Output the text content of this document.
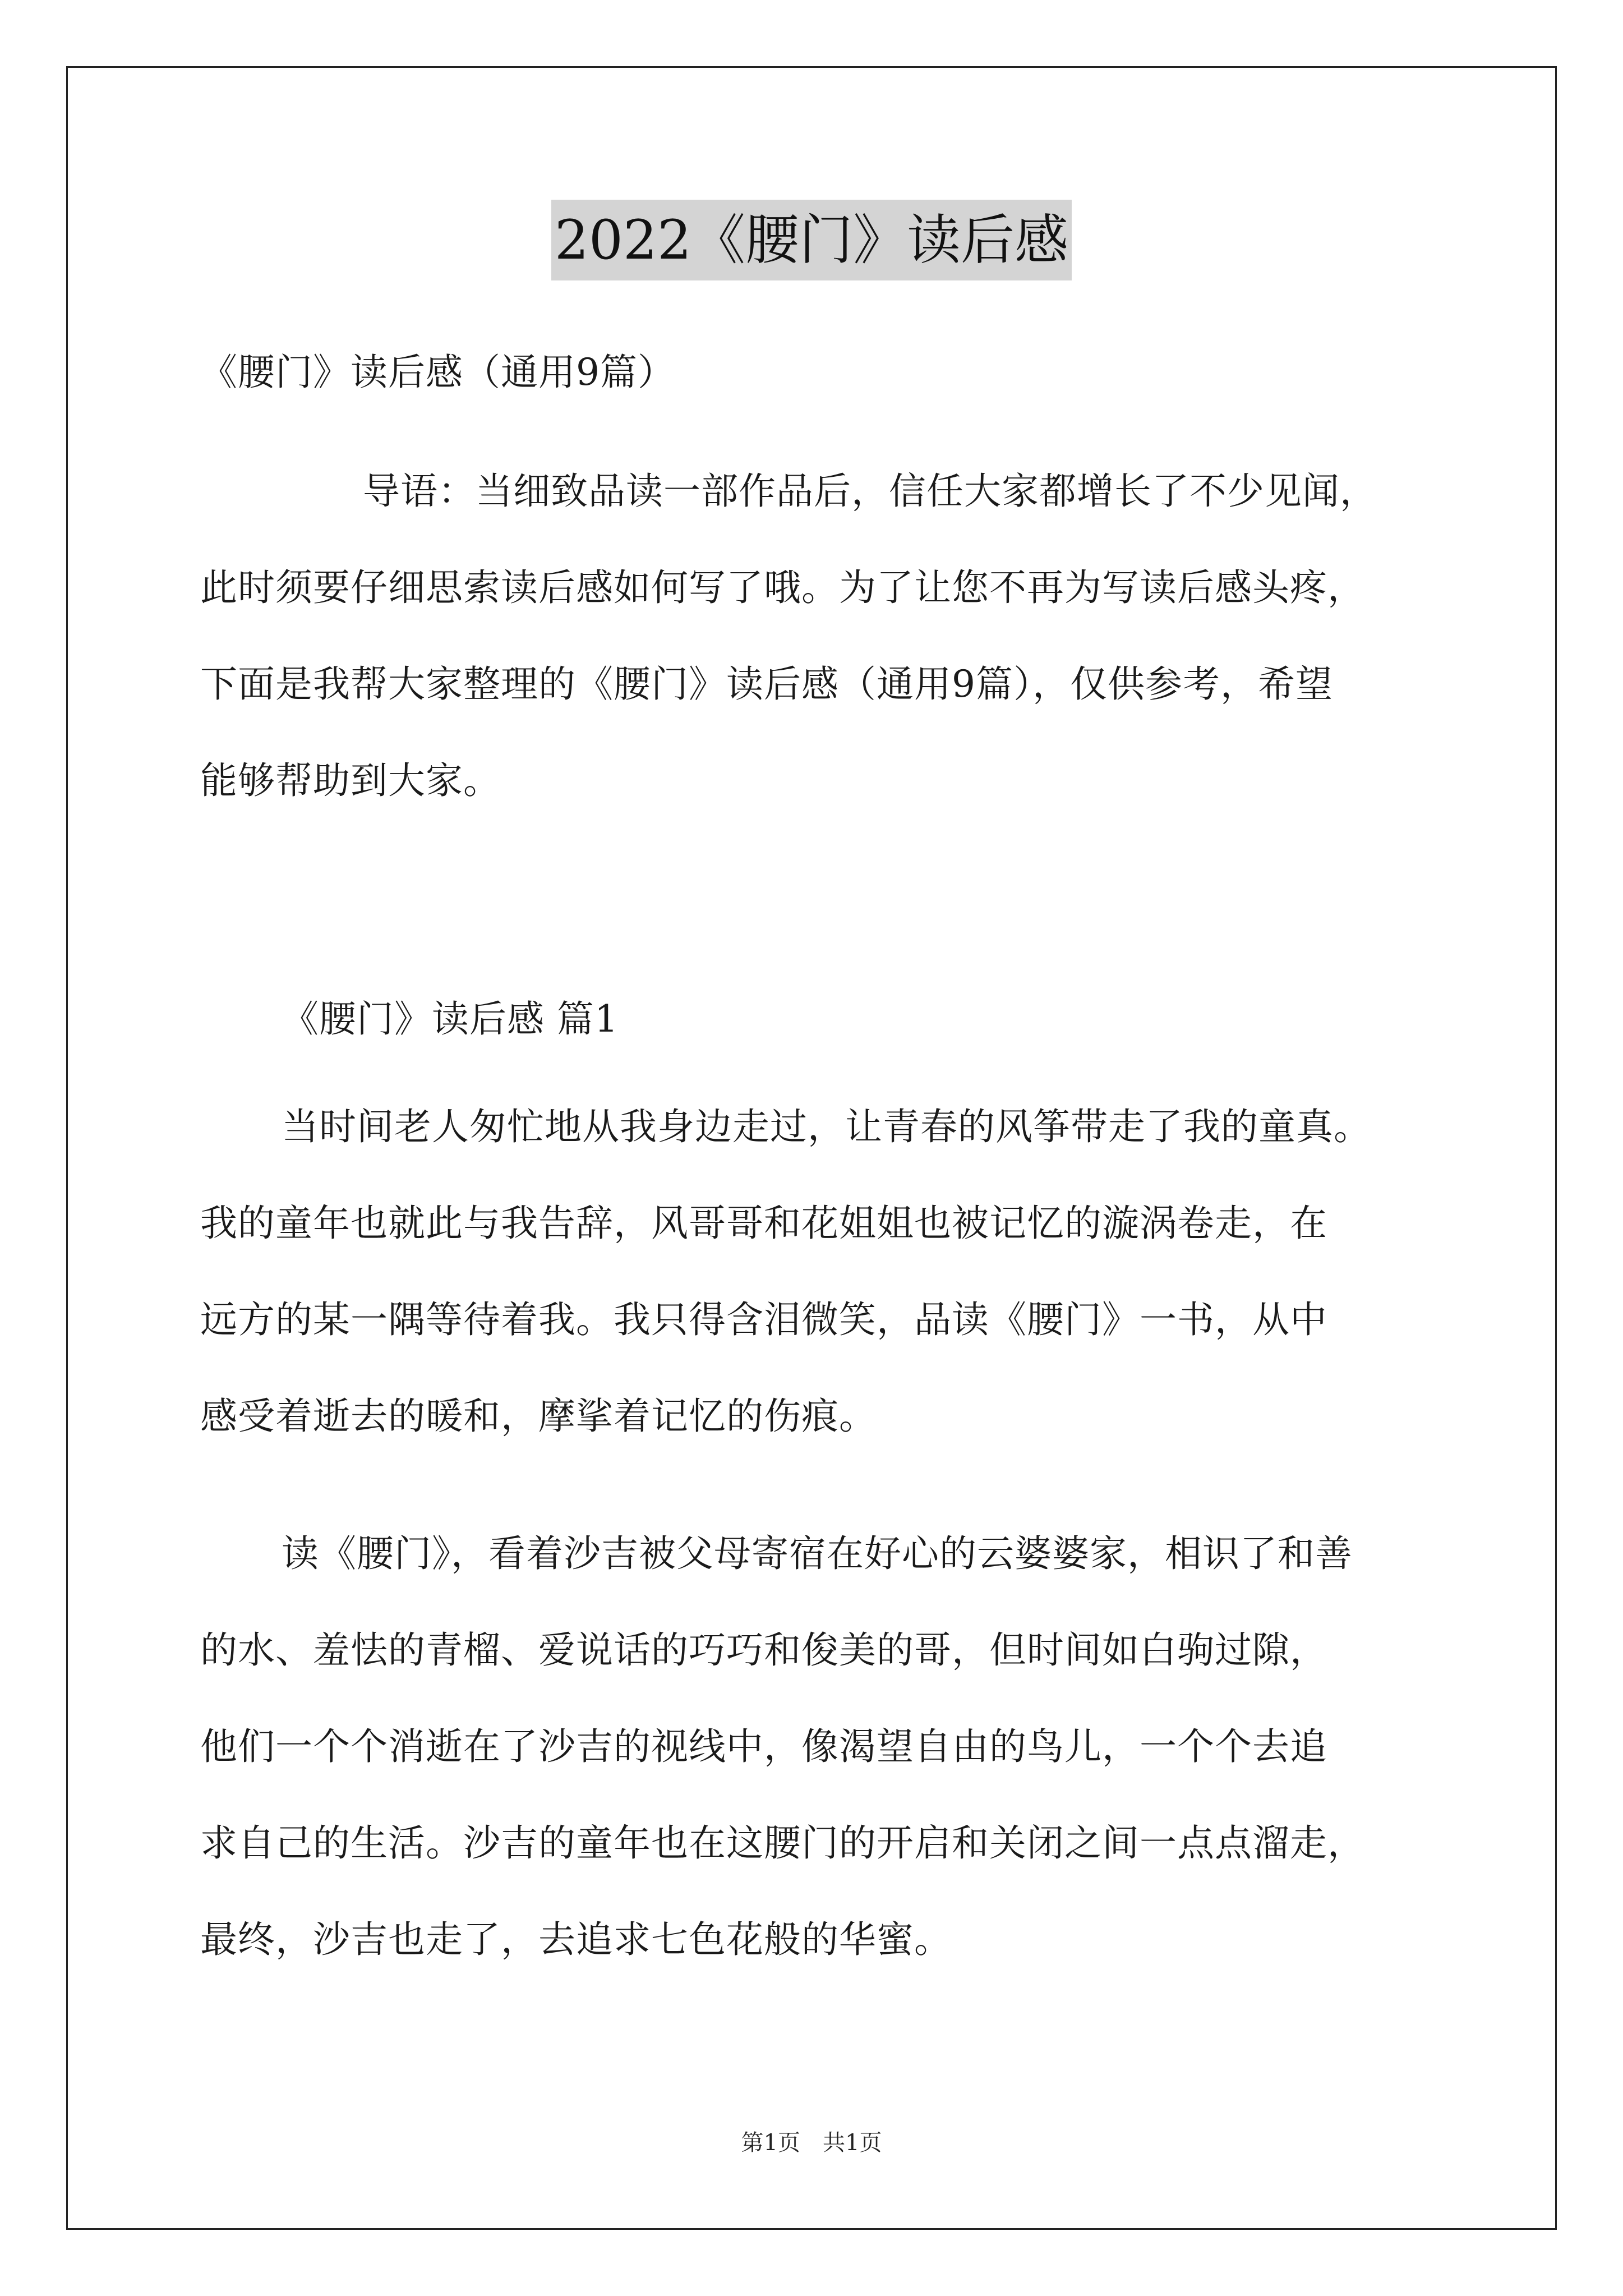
2022《腰门》读后感
《腰门》读后感（通用9篇）
导语：当细致品读一部作品后，信任大家都增长了不少见闻，
此时须要仔细思索读后感如何写了哦。为了让您不再为写读后感头疼，
下面是我帮大家整理的《腰门》读后感（通用9篇），仅供参考，希望
能够帮助到大家。
《腰门》读后感 篇1
当时间老人匆忙地从我身边走过，让青春的风筝带走了我的童真。
我的童年也就此与我告辞，风哥哥和花姐姐也被记忆的漩涡卷走，在
远方的某一隅等待着我。我只得含泪微笑，品读《腰门》一书，从中
感受着逝去的暖和，摩挲着记忆的伤痕。
读《腰门》，看着沙吉被父母寄宿在好心的云婆婆家，相识了和善
的水、羞怯的青榴、爱说话的巧巧和俊美的哥，但时间如白驹过隙，
他们一个个消逝在了沙吉的视线中，像渴望自由的鸟儿，一个个去追
求自己的生活。沙吉的童年也在这腰门的开启和关闭之间一点点溜走，
最终，沙吉也走了，去追求七色花般的华蜜。
第1页　共1页
